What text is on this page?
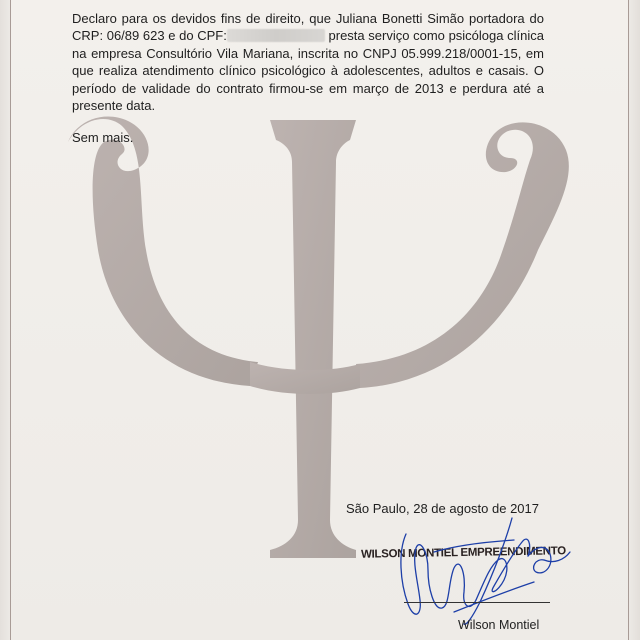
Declaro para os devidos fins de direito, que Juliana Bonetti Simão portadora do CRP: 06/89 623 e do CPF:	presta serviço como psicóloga clínica na empresa Consultório Vila Mariana, inscrita no CNPJ 05.999.218/0001-15, em que realiza atendimento clínico psicológico à adolescentes, adultos e casais. O período de validade do contrato firmou-se em março de 2013 e perdura até a presente data.

Sem mais.
São Paulo, 28 de agosto de 2017
WILSON MONTIEL EMPREENDIMENTO
Wilson Montiel
